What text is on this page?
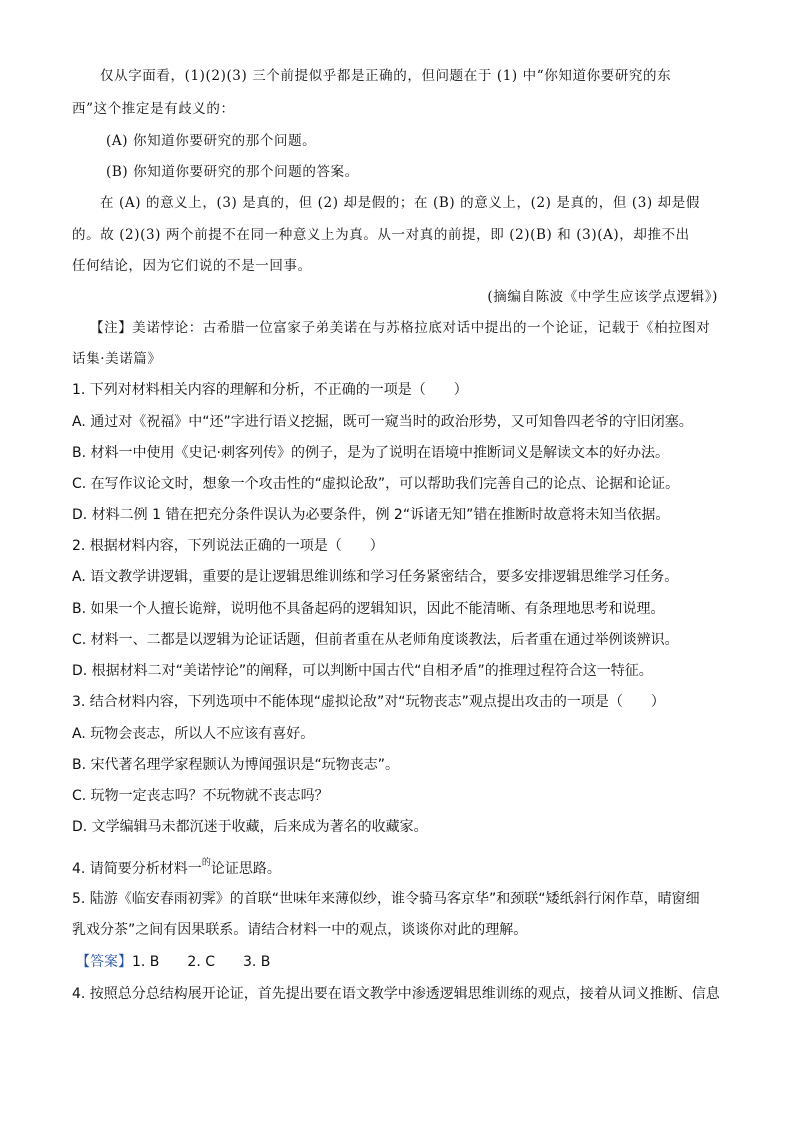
仅从字面看，(1)(2)(3) 三个前提似乎都是正确的，但问题在于 (1) 中“你知道你要研究的东
西”这个推定是有歧义的：
(A) 你知道你要研究的那个问题。
(B) 你知道你要研究的那个问题的答案。
在 (A) 的意义上，(3) 是真的，但 (2) 却是假的；在 (B) 的意义上，(2) 是真的，但 (3) 却是假
的。故 (2)(3) 两个前提不在同一种意义上为真。从一对真的前提，即 (2)(B) 和 (3)(A)，却推不出
任何结论，因为它们说的不是一回事。
(摘编自陈波《中学生应该学点逻辑》)
【注】美诺悖论：古希腊一位富家子弟美诺在与苏格拉底对话中提出的一个论证，记载于《柏拉图对
话集·美诺篇》
1. 下列对材料相关内容的理解和分析，不正确的一项是（　　）
A. 通过对《祝福》中“还”字进行语义挖掘，既可一窥当时的政治形势，又可知鲁四老爷的守旧闭塞。
B. 材料一中使用《史记·刺客列传》的例子，是为了说明在语境中推断词义是解读文本的好办法。
C. 在写作议论文时，想象一个攻击性的“虚拟论敌”，可以帮助我们完善自己的论点、论据和论证。
D. 材料二例 1 错在把充分条件误认为必要条件，例 2“诉诸无知”错在推断时故意将未知当依据。
2. 根据材料内容，下列说法正确的一项是（　　）
A. 语文教学讲逻辑，重要的是让逻辑思维训练和学习任务紧密结合，要多安排逻辑思维学习任务。
B. 如果一个人擅长诡辩，说明他不具备起码的逻辑知识，因此不能清晰、有条理地思考和说理。
C. 材料一、二都是以逻辑为论证话题，但前者重在从老师角度谈教法，后者重在通过举例谈辨识。
D. 根据材料二对“美诺悖论”的阐释，可以判断中国古代“自相矛盾”的推理过程符合这一特征。
3. 结合材料内容，下列选项中不能体现“虚拟论敌”对“玩物丧志”观点提出攻击的一项是（　　）
A. 玩物会丧志，所以人不应该有喜好。
B. 宋代著名理学家程颢认为博闻强识是“玩物丧志”。
C. 玩物一定丧志吗？不玩物就不丧志吗？
D. 文学编辑马未都沉迷于收藏，后来成为著名的收藏家。
4. 请简要分析材料一$^的$论证思路。
5. 陆游《临安春雨初霁》的首联“世味年来薄似纱，谁令骑马客京华”和颈联“矮纸斜行闲作草，晴窗细
乳戏分茶”之间有因果联系。请结合材料一中的观点，谈谈你对此的理解。
【答案】1. B　　2. C　　3. B
4. 按照总分总结构展开论证，首先提出要在语文教学中渗透逻辑思维训练的观点，接着从词义推断、信息
